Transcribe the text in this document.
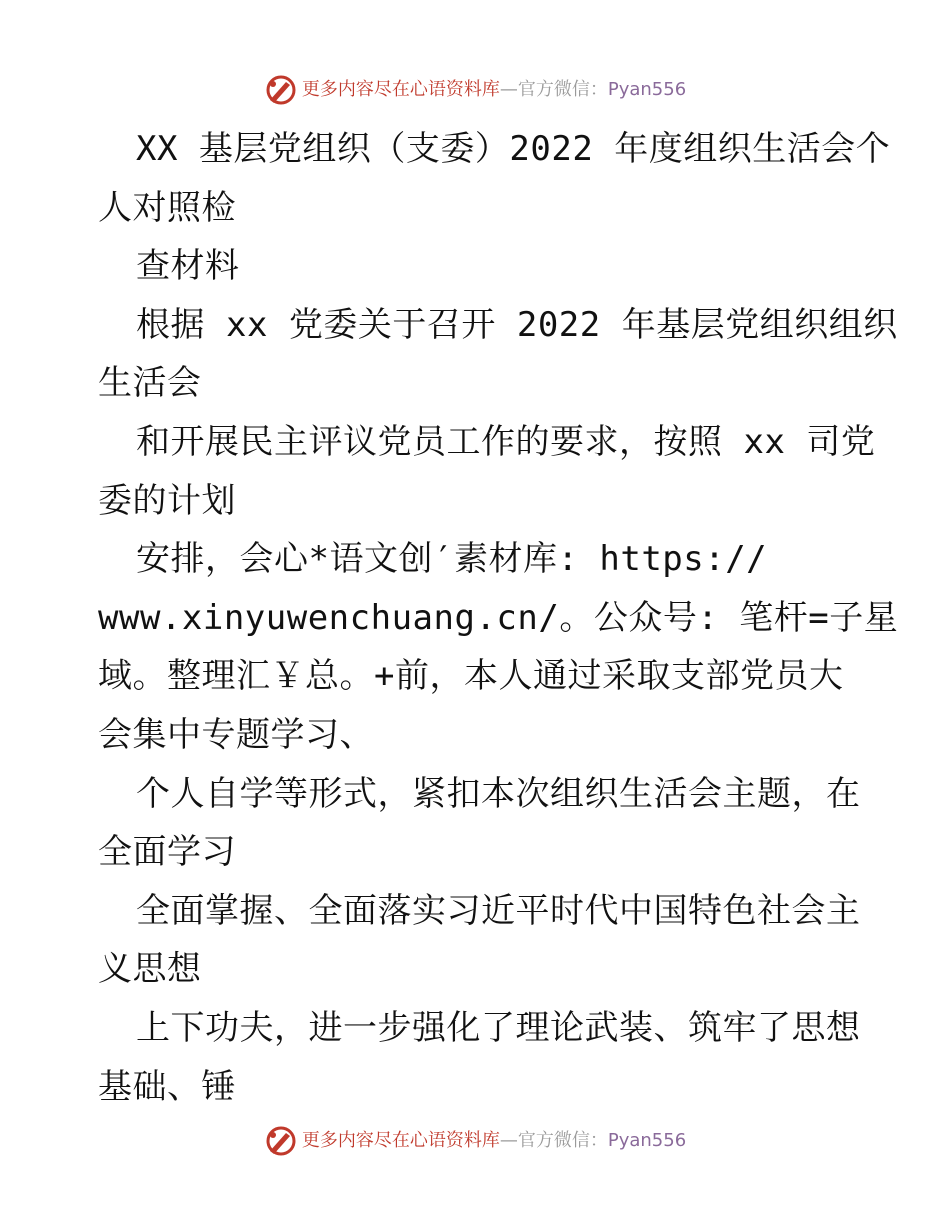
更多内容尽在心语资料库 — 官方微信： Pyan556
XX 基层党组织（支委）2022 年度组织生活会个
人对照检
查材料
根据 xx 党委关于召开 2022 年基层党组织组织
生活会
和开展民主评议党员工作的要求，按照 xx 司党
委的计划
安排，会心*语文创′素材库: https://
www.xinyuwenchuang.cn/。公众号: 笔杆=子星
域。整理汇￥总。+前，本人通过采取支部党员大
会集中专题学习、
个人自学等形式，紧扣本次组织生活会主题，在
全面学习
全面掌握、全面落实习近平时代中国特色社会主
义思想
上下功夫，进一步强化了理论武装、筑牢了思想
基础、锤
更多内容尽在心语资料库 — 官方微信： Pyan556
